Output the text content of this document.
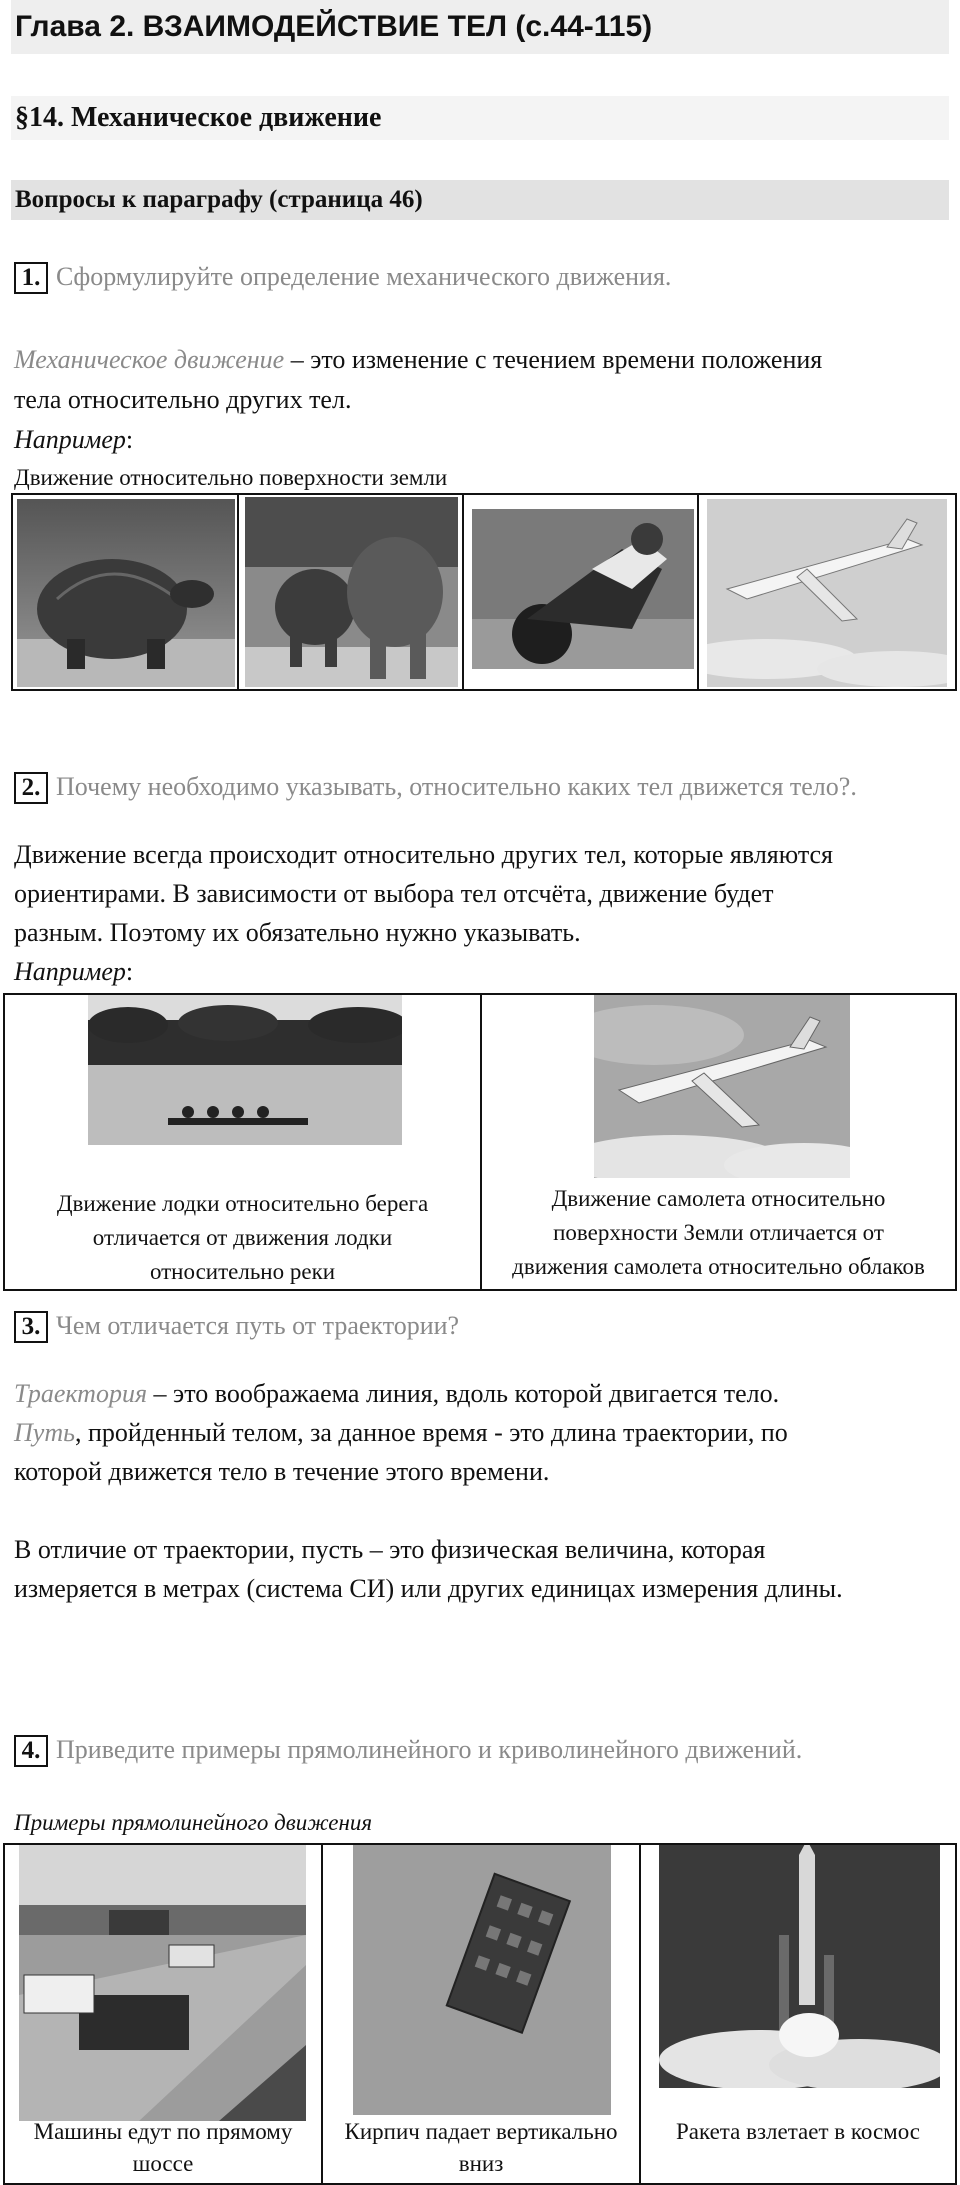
Глава 2. ВЗАИМОДЕЙСТВИЕ ТЕЛ (с.44-115)
§14. Механическое движение
Вопросы к параграфу (страница 46)
1. Сформулируйте определение механического движения.
Механическое движение – это изменение с течением времени положения
тела относительно других тел.
Например:
Движение относительно поверхности земли
2. Почему необходимо указывать, относительно каких тел движется тело?.
Движение всегда происходит относительно других тел, которые являются
ориентирами. В зависимости от выбора тел отсчёта, движение будет
разным. Поэтому их обязательно нужно указывать.
Например:
Движение лодки относительно берега
отличается от движения лодки
относительно реки
Движение самолета относительно
поверхности Земли отличается от
движения самолета относительно облаков
3. Чем отличается путь от траектории?
Траектория – это воображаема линия, вдоль которой двигается тело.
Путь, пройденный телом, за данное время - это длина траектории, по
которой движется тело в течение этого времени.
В отличие от траектории, пусть – это физическая величина, которая
измеряется в метрах (система СИ) или других единицах измерения длины.
4. Приведите примеры прямолинейного и криволинейного движений.
Примеры прямолинейного движения
Машины едут по прямому
шоссе
Кирпич падает вертикально
вниз
Ракета взлетает в космос
